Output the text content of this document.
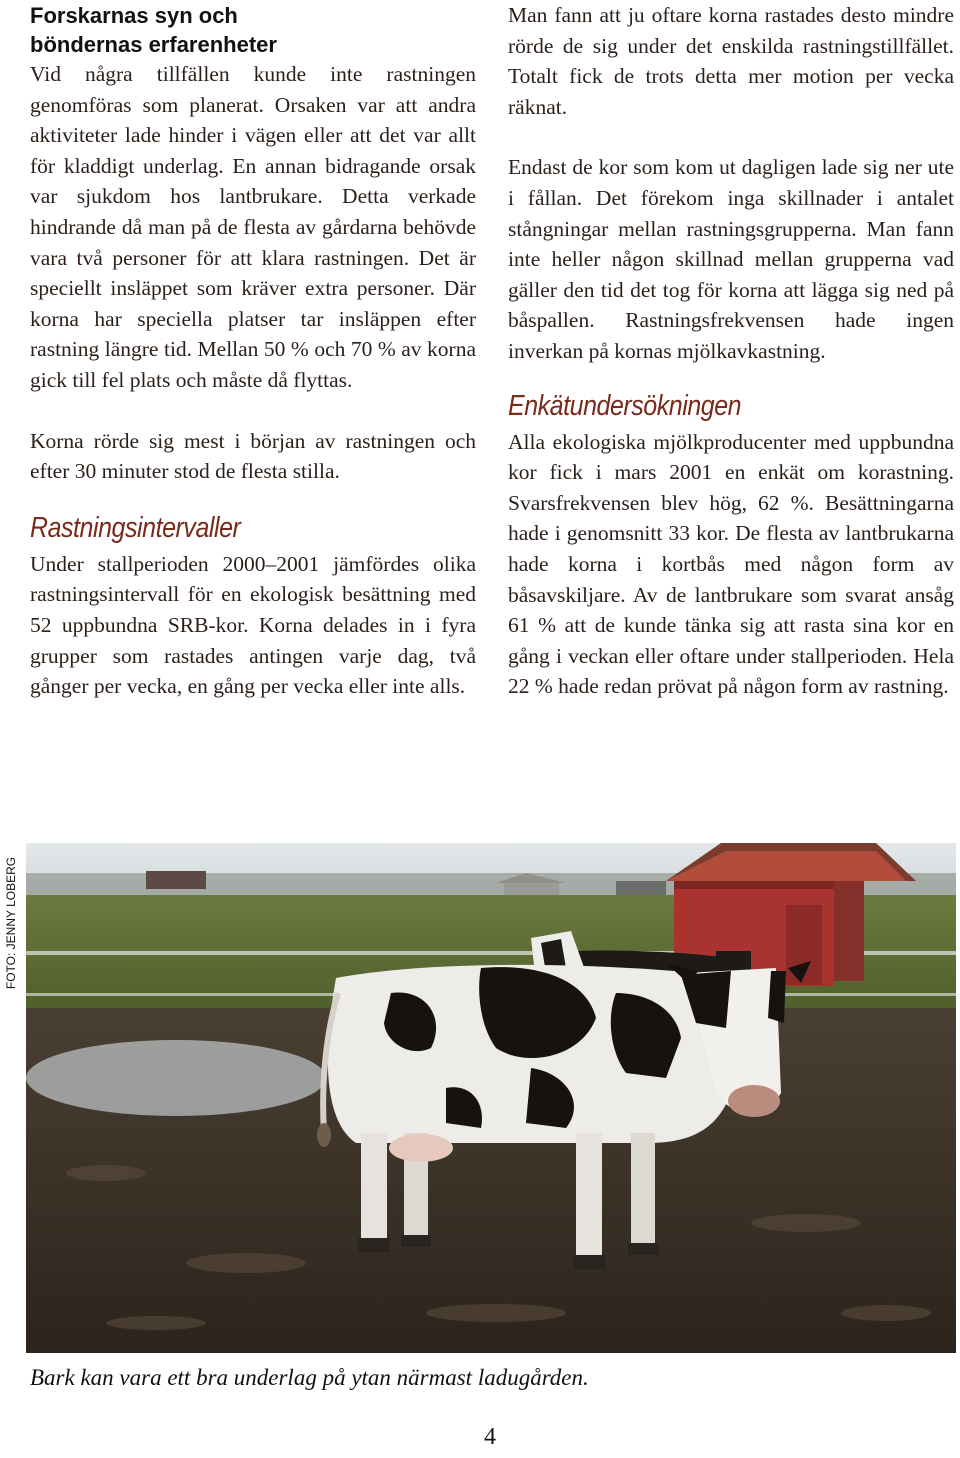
Forskarnas syn och böndernas erfarenheter

Vid några tillfällen kunde inte rastningen genomföras som planerat. Orsaken var att andra aktiviteter lade hinder i vägen eller att det var allt för kladdigt underlag. En annan bidragande orsak var sjukdom hos lantbrukare. Detta verkade hindrande då man på de flesta av gårdarna behövde vara två personer för att klara rastningen. Det är speciellt insläppet som kräver extra personer. Där korna har speciella platser tar insläppen efter rastning längre tid. Mellan 50 % och 70 % av korna gick till fel plats och måste då flyttas.

Korna rörde sig mest i början av rastningen och efter 30 minuter stod de flesta stilla.

Rastningsintervaller

Under stallperioden 2000–2001 jämfördes olika rastningsintervall för en ekologisk besättning med 52 uppbundna SRB-kor. Korna delades in i fyra grupper som rastades antingen varje dag, två gånger per vecka, en gång per vecka eller inte alls.

Man fann att ju oftare korna rastades desto mindre rörde de sig under det enskilda rastningstillfället. Totalt fick de trots detta mer motion per vecka räknat.

Endast de kor som kom ut dagligen lade sig ner ute i fållan. Det förekom inga skillnader i antalet stångningar mellan rastningsgrupperna. Man fann inte heller någon skillnad mellan grupperna vad gäller den tid det tog för korna att lägga sig ned på båspallen. Rastningsfrekvensen hade ingen inverkan på kornas mjölkavkastning.

Enkätundersökningen

Alla ekologiska mjölkproducenter med uppbundna kor fick i mars 2001 en enkät om korastning. Svarsfrekvensen blev hög, 62 %. Besättningarna hade i genomsnitt 33 kor. De flesta av lantbrukarna hade korna i kortbås med någon form av båsavskiljare. Av de lantbrukare som svarat ansåg 61 % att de kunde tänka sig att rasta sina kor en gång i veckan eller oftare under stallperioden. Hela 22 % hade redan prövat på någon form av rastning.

FOTO: JENNY LOBERG
Bark kan vara ett bra underlag på ytan närmast ladugården.
4
